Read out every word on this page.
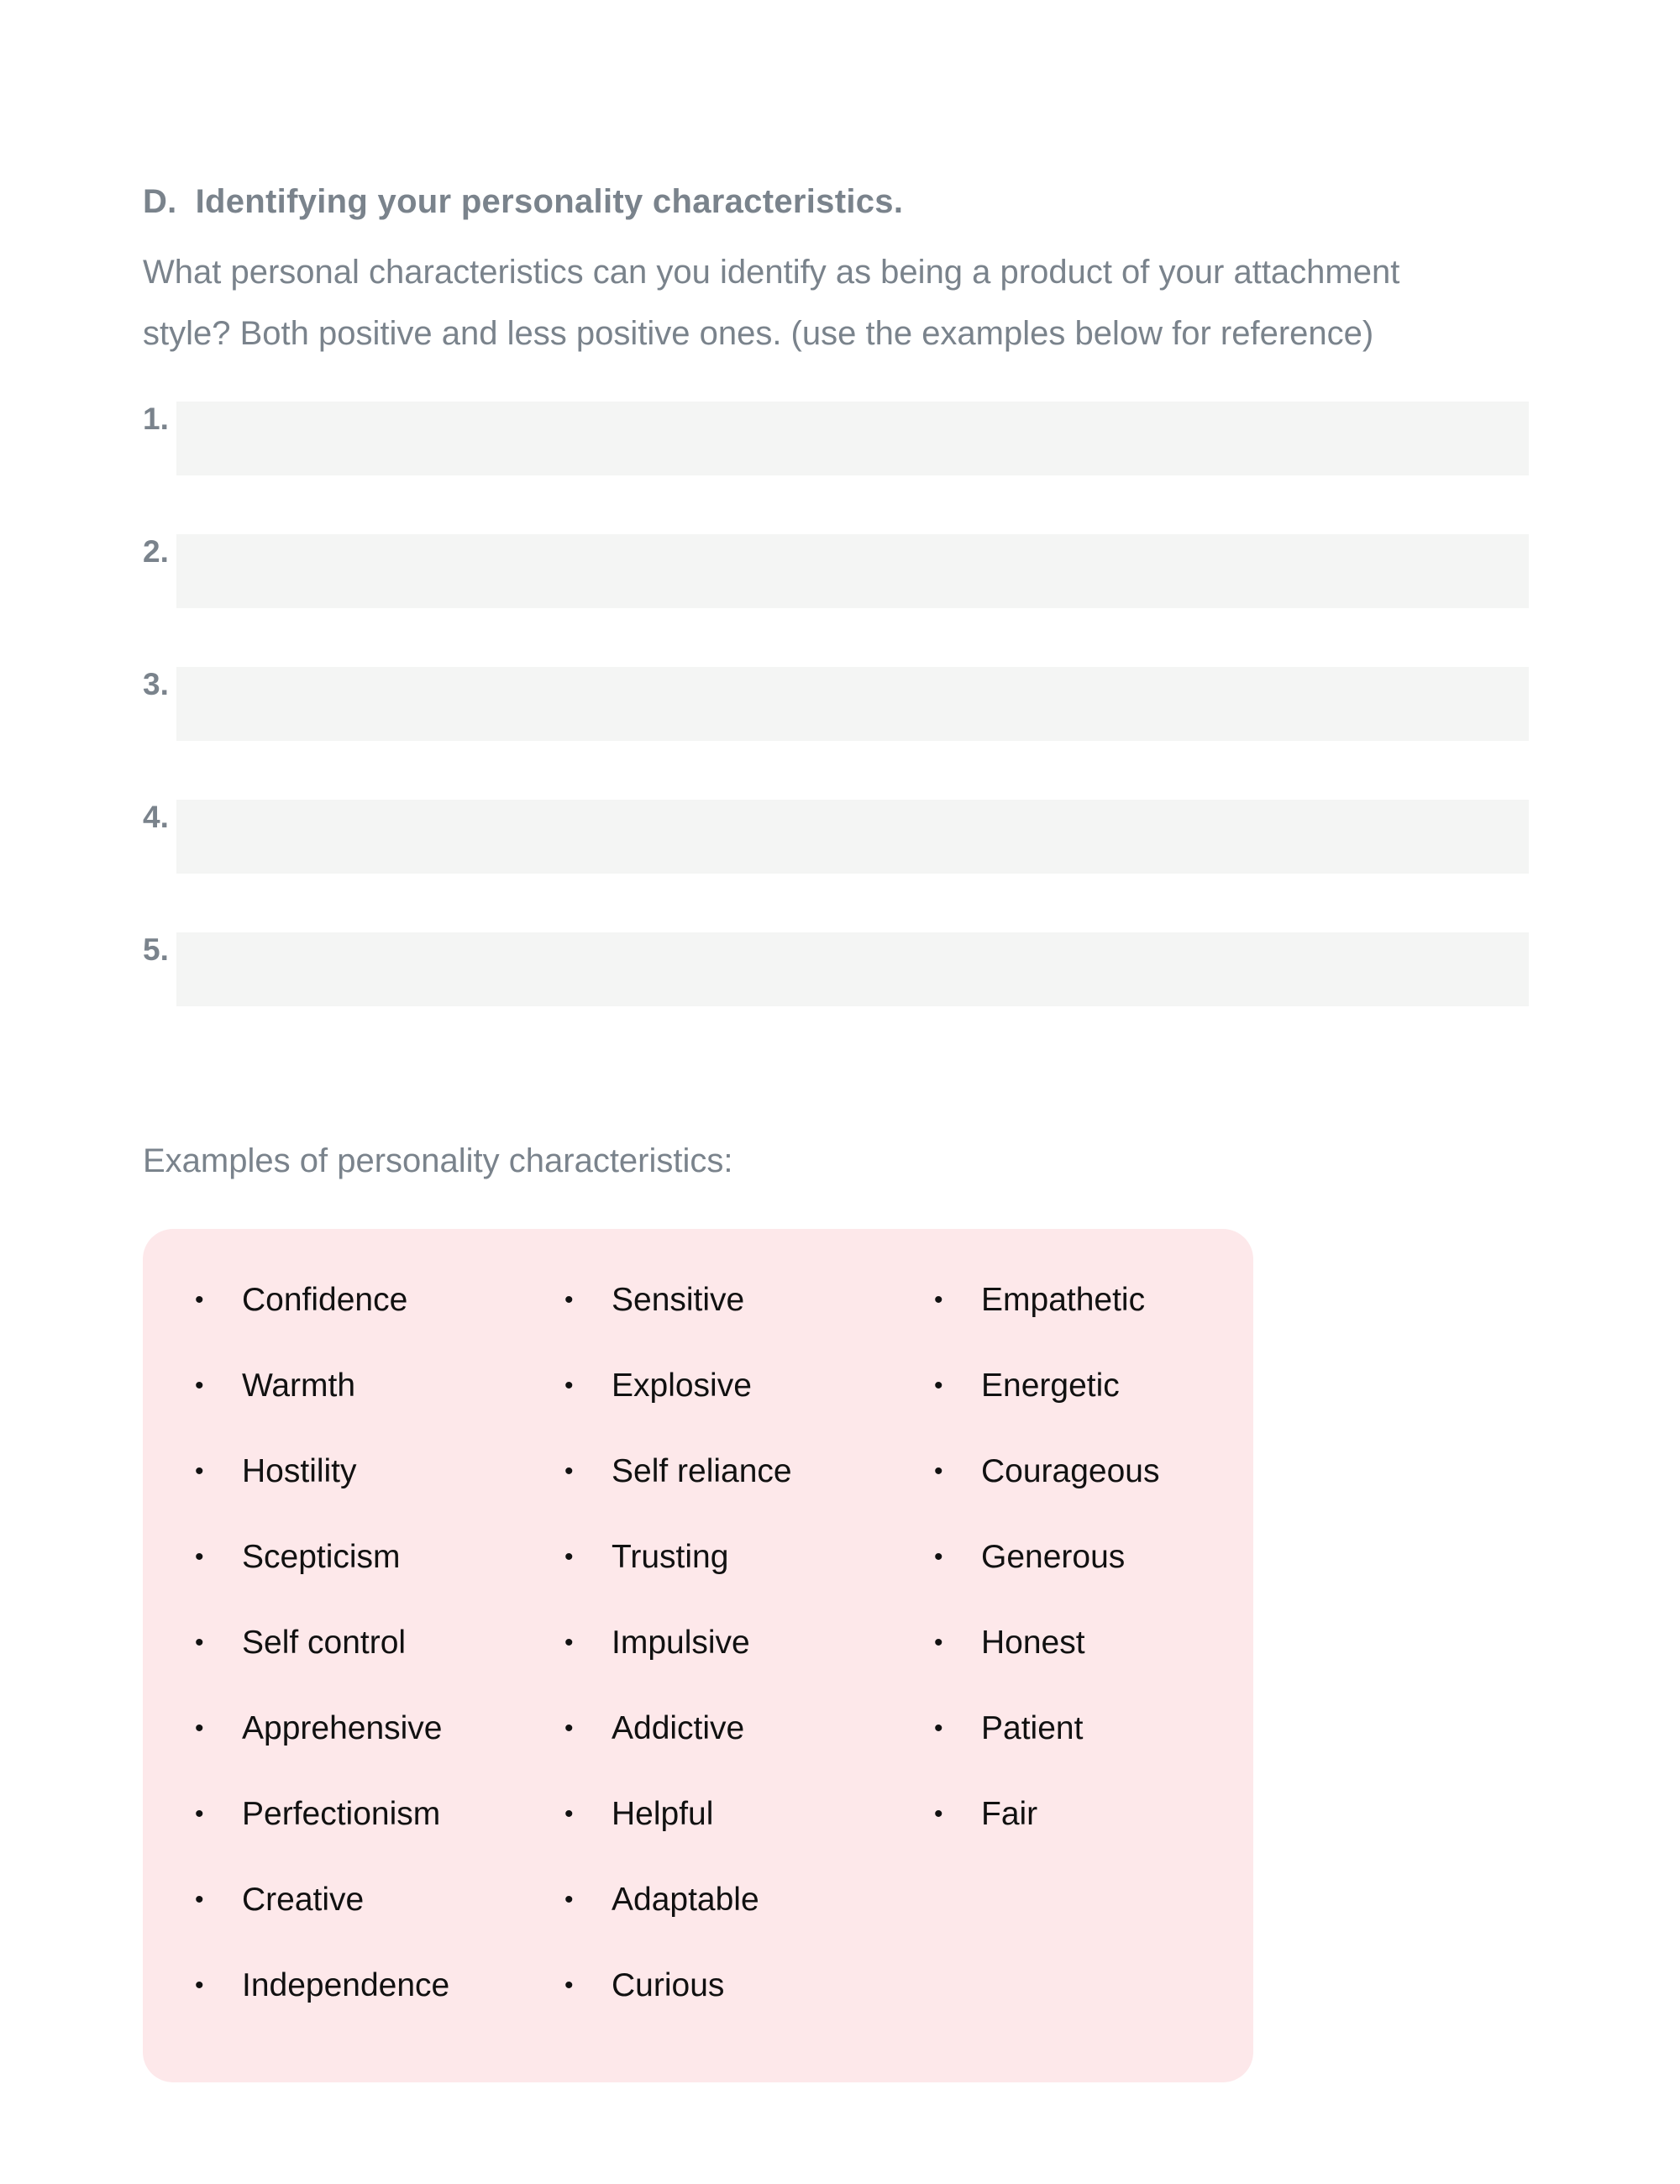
D. Identifying your personality characteristics.
What personal characteristics can you identify as being a product of your attachment
style? Both positive and less positive ones. (use the examples below for reference)
1.
2.
3.
4.
5.
Examples of personality characteristics:
•	Confidence
•	Warmth
•	Hostility
•	Scepticism
•	Self control
•	Apprehensive
•	Perfectionism
•	Creative
•	Independence
•	Sensitive
•	Explosive
•	Self reliance
•	Trusting
•	Impulsive
•	Addictive
•	Helpful
•	Adaptable
•	Curious
•	Empathetic
•	Energetic
•	Courageous
•	Generous
•	Honest
•	Patient
•	Fair
